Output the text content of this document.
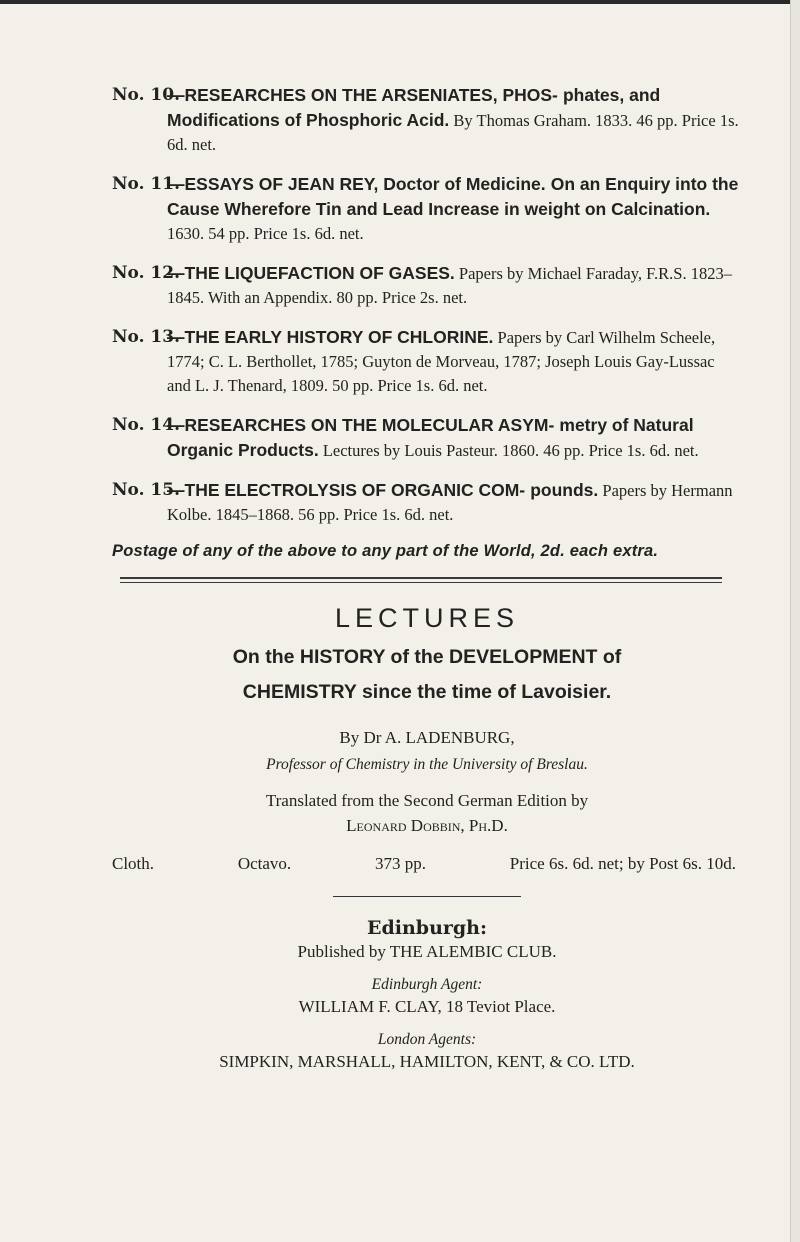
No. 10.

—RESEARCHES ON THE ARSENIATES, PHOS- phates, and Modifications of Phosphoric Acid. By Thomas Graham. 1833. 46 pp. Price 1s. 6d. net.

No. 11.

—ESSAYS OF JEAN REY, Doctor of Medicine. On an Enquiry into the Cause Wherefore Tin and Lead Increase in weight on Calcination. 1630. 54 pp. Price 1s. 6d. net.

No. 12.

—THE LIQUEFACTION OF GASES. Papers by Michael Faraday, F.R.S. 1823–1845. With an Appendix. 80 pp. Price 2s. net.

No. 13.

—THE EARLY HISTORY OF CHLORINE. Papers by Carl Wilhelm Scheele, 1774; C. L. Berthollet, 1785; Guyton de Morveau, 1787; Joseph Louis Gay-Lussac and L. J. Thenard, 1809. 50 pp. Price 1s. 6d. net.

No. 14.

—RESEARCHES ON THE MOLECULAR ASYM- metry of Natural Organic Products. Lectures by Louis Pasteur. 1860. 46 pp. Price 1s. 6d. net.

No. 15.

—THE ELECTROLYSIS OF ORGANIC COM- pounds. Papers by Hermann Kolbe. 1845–1868. 56 pp. Price 1s. 6d. net.

Postage of any of the above to any part of the World, 2d. each extra.

LECTURES
On the HISTORY of the DEVELOPMENT of
CHEMISTRY since the time of Lavoisier.
By Dr A. LADENBURG,
Professor of Chemistry in the University of Breslau.
Translated from the Second German Edition by
Leonard Dobbin, Ph.D.
Cloth.	Octavo.	373 pp.	Price 6s. 6d. net; by Post 6s. 10d.
Edinburgh:
Published by THE ALEMBIC CLUB.
Edinburgh Agent:
WILLIAM F. CLAY, 18 Teviot Place.
London Agents:
SIMPKIN, MARSHALL, HAMILTON, KENT, & CO. LTD.
